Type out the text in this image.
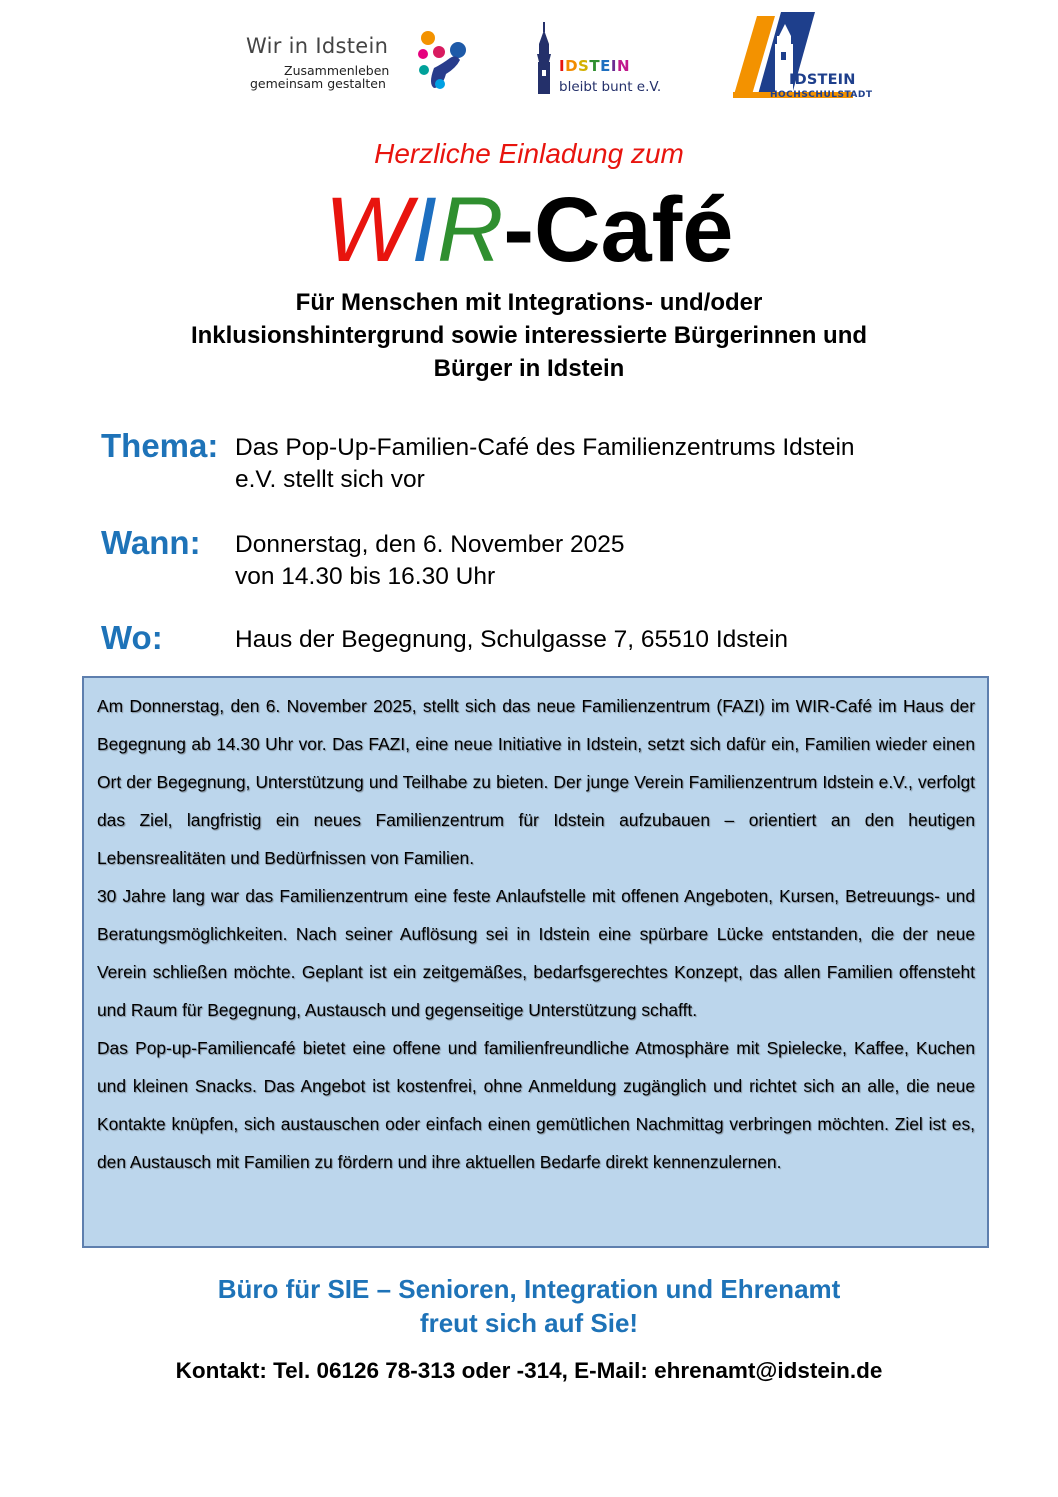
Wir in Idstein
Zusammenleben
gemeinsam gestalten
IDSTEIN
bleibt bunt e.V.	IDSTEIN
HOCHSCHULSTADT
Herzliche Einladung zum
WIR-Café
Für Menschen mit Integrations- und/oder
Inklusionshintergrund sowie interessierte Bürgerinnen und
Bürger in Idstein
Thema: Das Pop-Up-Familien-Café des Familienzentrums Idstein
e.V. stellt sich vor
Wann: Donnerstag, den 6. November 2025
von 14.30 bis 16.30 Uhr
Wo:	Haus der Begegnung, Schulgasse 7, 65510 Idstein

Am Donnerstag, den 6. November 2025, stellt sich das neue Familienzentrum (FAZI) im WIR-Café im Haus der Begegnung ab 14.30 Uhr vor. Das FAZI, eine neue Initiative in Idstein, setzt sich dafür ein, Familien wieder einen Ort der Begegnung, Unterstützung und Teilhabe zu bieten. Der junge Verein Familienzentrum Idstein e.V., verfolgt das Ziel, langfristig ein neues Familienzentrum für Idstein aufzubauen – orientiert an den heutigen Lebensrealitäten und Bedürfnissen von Familien.

30 Jahre lang war das Familienzentrum eine feste Anlaufstelle mit offenen Angeboten, Kursen, Betreuungs- und Beratungsmöglichkeiten. Nach seiner Auflösung sei in Idstein eine spürbare Lücke entstanden, die der neue Verein schließen möchte. Geplant ist ein zeitgemäßes, bedarfsgerechtes Konzept, das allen Familien offensteht und Raum für Begegnung, Austausch und gegenseitige Unterstützung schafft.

Das Pop-up-Familiencafé bietet eine offene und familienfreundliche Atmosphäre mit Spielecke, Kaffee, Kuchen und kleinen Snacks. Das Angebot ist kostenfrei, ohne Anmeldung zugänglich und richtet sich an alle, die neue Kontakte knüpfen, sich austauschen oder einfach einen gemütlichen Nachmittag verbringen möchten. Ziel ist es, den Austausch mit Familien zu fördern und ihre aktuellen Bedarfe direkt kennenzulernen.

Büro für SIE – Senioren, Integration und Ehrenamt
freut sich auf Sie!
Kontakt: Tel. 06126 78-313 oder -314, E-Mail: ehrenamt@idstein.de
